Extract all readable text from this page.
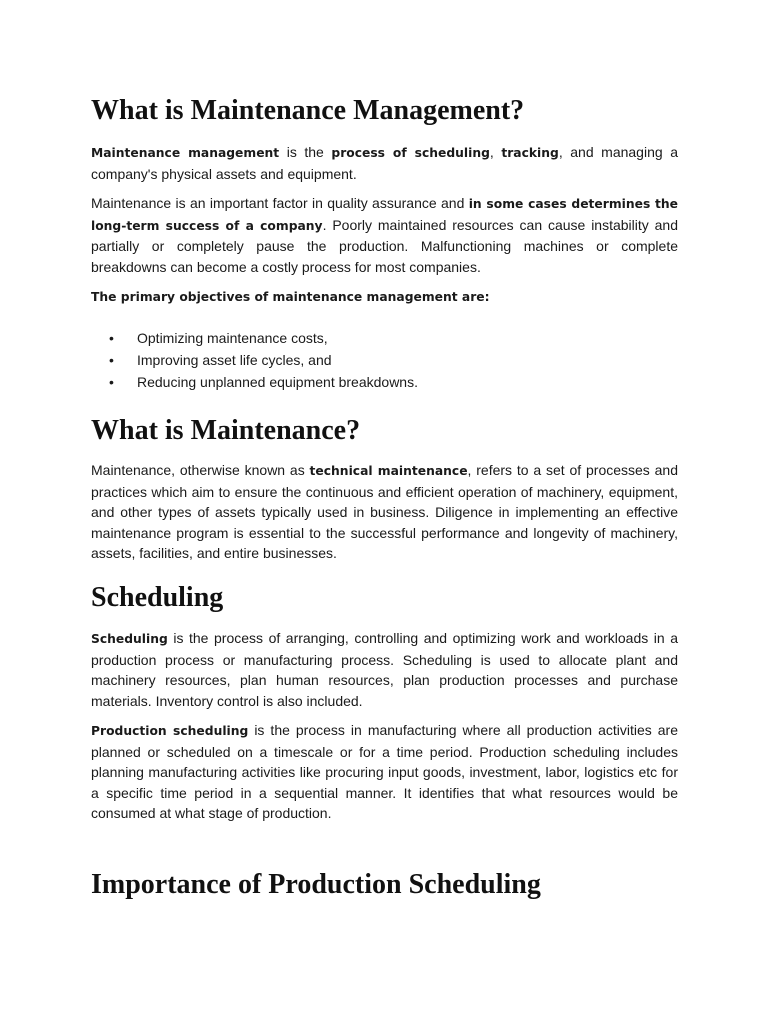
What is Maintenance Management?

Maintenance management is the process of scheduling, tracking, and managing a company's physical assets and equipment.

Maintenance is an important factor in quality assurance and in some cases determines the long-term success of a company. Poorly maintained resources can cause instability and partially or completely pause the production. Malfunctioning machines or complete breakdowns can become a costly process for most companies.

The primary objectives of maintenance management are:

• Optimizing maintenance costs,
• Improving asset life cycles, and
• Reducing unplanned equipment breakdowns.
What is Maintenance?

Maintenance, otherwise known as technical maintenance, refers to a set of processes and practices which aim to ensure the continuous and efficient operation of machinery, equipment, and other types of assets typically used in business. Diligence in implementing an effective maintenance program is essential to the successful performance and longevity of machinery, assets, facilities, and entire businesses.

Scheduling

Scheduling is the process of arranging, controlling and optimizing work and workloads in a production process or manufacturing process. Scheduling is used to allocate plant and machinery resources, plan human resources, plan production processes and purchase materials. Inventory control is also included.

Production scheduling is the process in manufacturing where all production activities are planned or scheduled on a timescale or for a time period. Production scheduling includes planning manufacturing activities like procuring input goods, investment, labor, logistics etc for a specific time period in a sequential manner. It identifies that what resources would be consumed at what stage of production.

Importance of Production Scheduling
